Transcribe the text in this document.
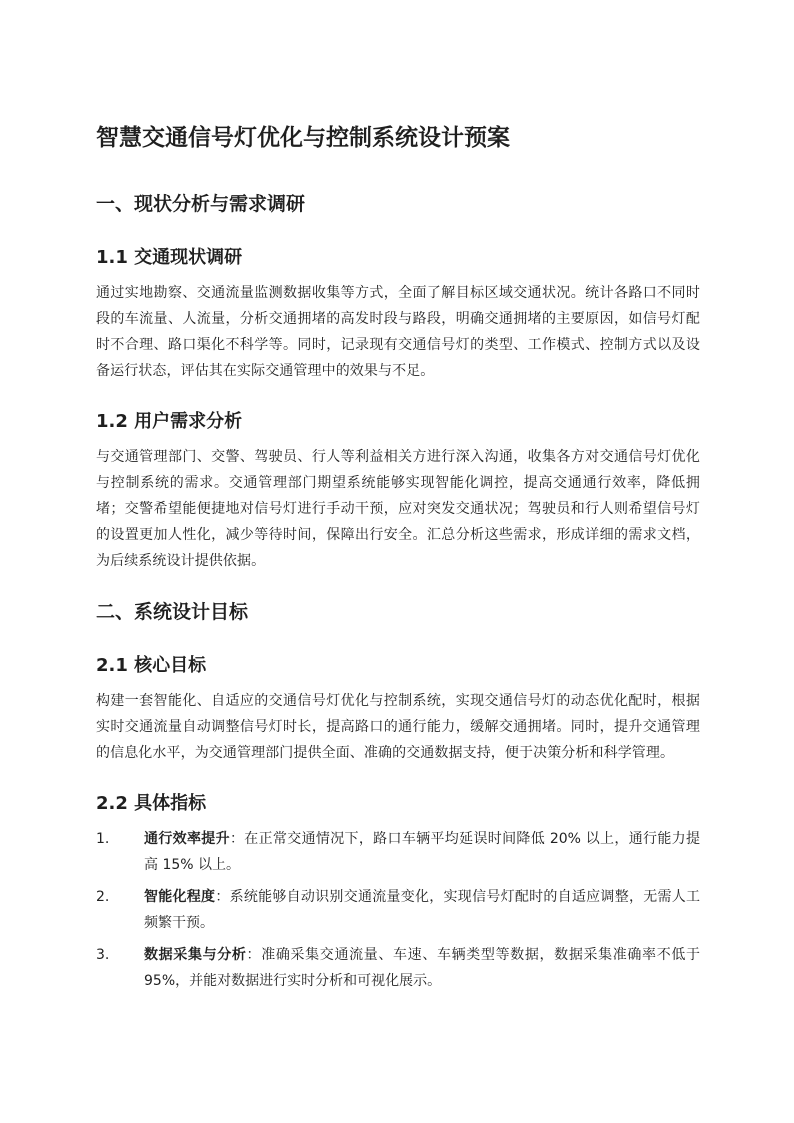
智慧交通信号灯优化与控制系统设计预案
一、现状分析与需求调研
1.1 交通现状调研

通过实地勘察、交通流量监测数据收集等方式，全面了解目标区域交通状况。统计各路口不同时段的车流量、人流量，分析交通拥堵的高发时段与路段，明确交通拥堵的主要原因，如信号灯配时不合理、路口渠化不科学等。同时，记录现有交通信号灯的类型、工作模式、控制方式以及设备运行状态，评估其在实际交通管理中的效果与不足。

1.2 用户需求分析

与交通管理部门、交警、驾驶员、行人等利益相关方进行深入沟通，收集各方对交通信号灯优化与控制系统的需求。交通管理部门期望系统能够实现智能化调控，提高交通通行效率，降低拥堵；交警希望能便捷地对信号灯进行手动干预，应对突发交通状况；驾驶员和行人则希望信号灯的设置更加人性化，减少等待时间，保障出行安全。汇总分析这些需求，形成详细的需求文档，为后续系统设计提供依据。

二、系统设计目标
2.1 核心目标

构建一套智能化、自适应的交通信号灯优化与控制系统，实现交通信号灯的动态优化配时，根据实时交通流量自动调整信号灯时长，提高路口的通行能力，缓解交通拥堵。同时，提升交通管理的信息化水平，为交通管理部门提供全面、准确的交通数据支持，便于决策分析和科学管理。

2.2 具体指标
1. 通行效率提升：在正常交通情况下，路口车辆平均延误时间降低 20% 以上，通行能力提高 15% 以上。
2. 智能化程度：系统能够自动识别交通流量变化，实现信号灯配时的自适应调整，无需人工频繁干预。
3. 数据采集与分析：准确采集交通流量、车速、车辆类型等数据，数据采集准确率不低于 95%，并能对数据进行实时分析和可视化展示。
